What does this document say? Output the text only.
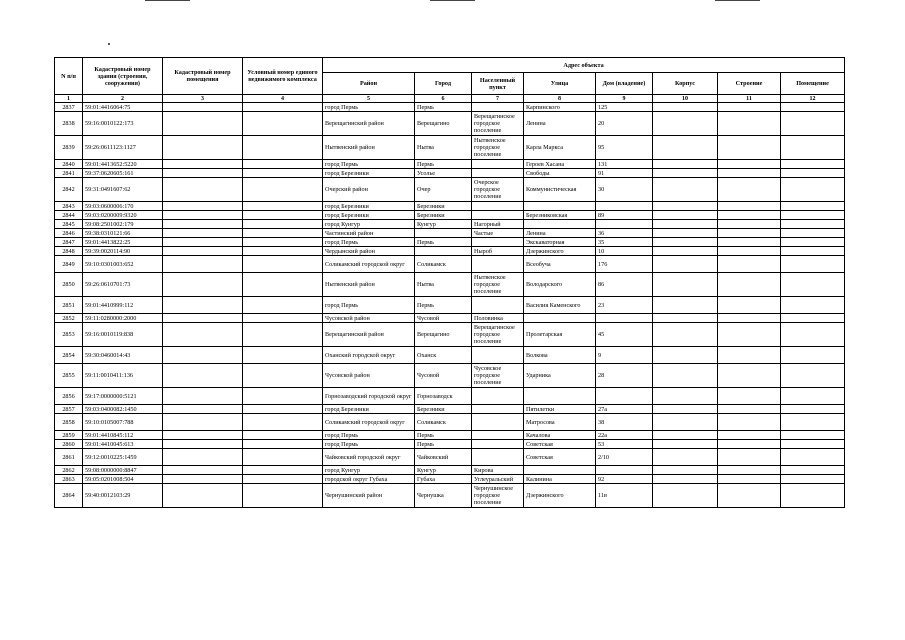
N п/п	Кадастровый номер здания (строения, сооружения)	Кадастровый номер помещения	Условный номер единого недвижимого комплекса	Адрес объекта							
				Район	Город	Населенный пункт	Улица	Дом (владение)	Корпус	Строение	Помещение
1	2	3	4	5	6	7	8	9	10	11	12
2837	59:01:4416064:75			город Пермь	Пермь		Карпинского	125			
2838	59:16:0010122:173			Верещагинский район	Верещагино	Верещагинское городское поселение	Ленина	20			
2839	59:26:0611123:1127			Нытвенский район	Нытва	Нытвенское городское поселение	Карла Маркса	95			
2840	59:01:4413652:5220			город Пермь	Пермь		Героев Хасана	131			
2841	59:37:0620605:161			город Березники	Усолье		Свободы	91			
2842	59:31:0491607:62			Очерский район	Очер	Очерское городское поселение	Коммунистическая	30			
2843	59:03:0600006:170			город Березники	Березники						
2844	59:03:0200009:9320			город Березники	Березники		Березниковская	89			
2845	59:08:2501002:179			город Кунгур	Кунгур	Нагорный					
2846	59:38:0310121:66			Частинский район		Частые	Ленина	36			
2847	59:01:4413822:25			город Пермь	Пермь		Экскаваторная	35			
2848	59:39:0020114:90			Чердынский район		Ныроб	Дзержинского	10			
2849	59:10:0301003:652			Соликамский городской округ	Соликамск		Всеобуча	176			
2850	59:26:0610701:73			Нытвенский район	Нытва	Нытвенское городское поселение	Володарского	86			
2851	59:01:4410999:112			город Пермь	Пермь		Василия Каменского	23			
2852	59:11:0280000:2000			Чусовской район	Чусовой	Половинка					
2853	59:16:0010119:838			Верещагинский район	Верещагино	Верещагинское городское поселение	Пролетарская	45			
2854	59:30:0460014:43			Оханский городской округ	Оханск		Волкова	9			
2855	59:11:0010411:136			Чусовской район	Чусовой	Чусовское городское поселение	Ударника	28			
2856	59:17:0000000:5121			Горнозаводский городской округ	Горнозаводск						
2857	59:03:0400082:1450			город Березники	Березники		Пятилетки	27а			
2858	59:10:0105007:788			Соликамский городской округ	Соликамск		Матросова	38			
2859	59:01:4410845:112			город Пермь	Пермь		Качалова	22а			
2860	59:01:4410045:613			город Пермь	Пермь		Советская	53			
2861	59:12:0010225:1459			Чайковский городской округ	Чайковский		Советская	2/10			
2862	59:08:0000000:8847			город Кунгур	Кунгур	Кирова					
2863	59:05:0201008:504			городской округ Губаха	Губаха	Углеуральский	Калинина	92			
2864	59:40:0012103:29			Чернушинский район	Чернушка	Чернушинское городское поселение	Дзержинского	11в			
